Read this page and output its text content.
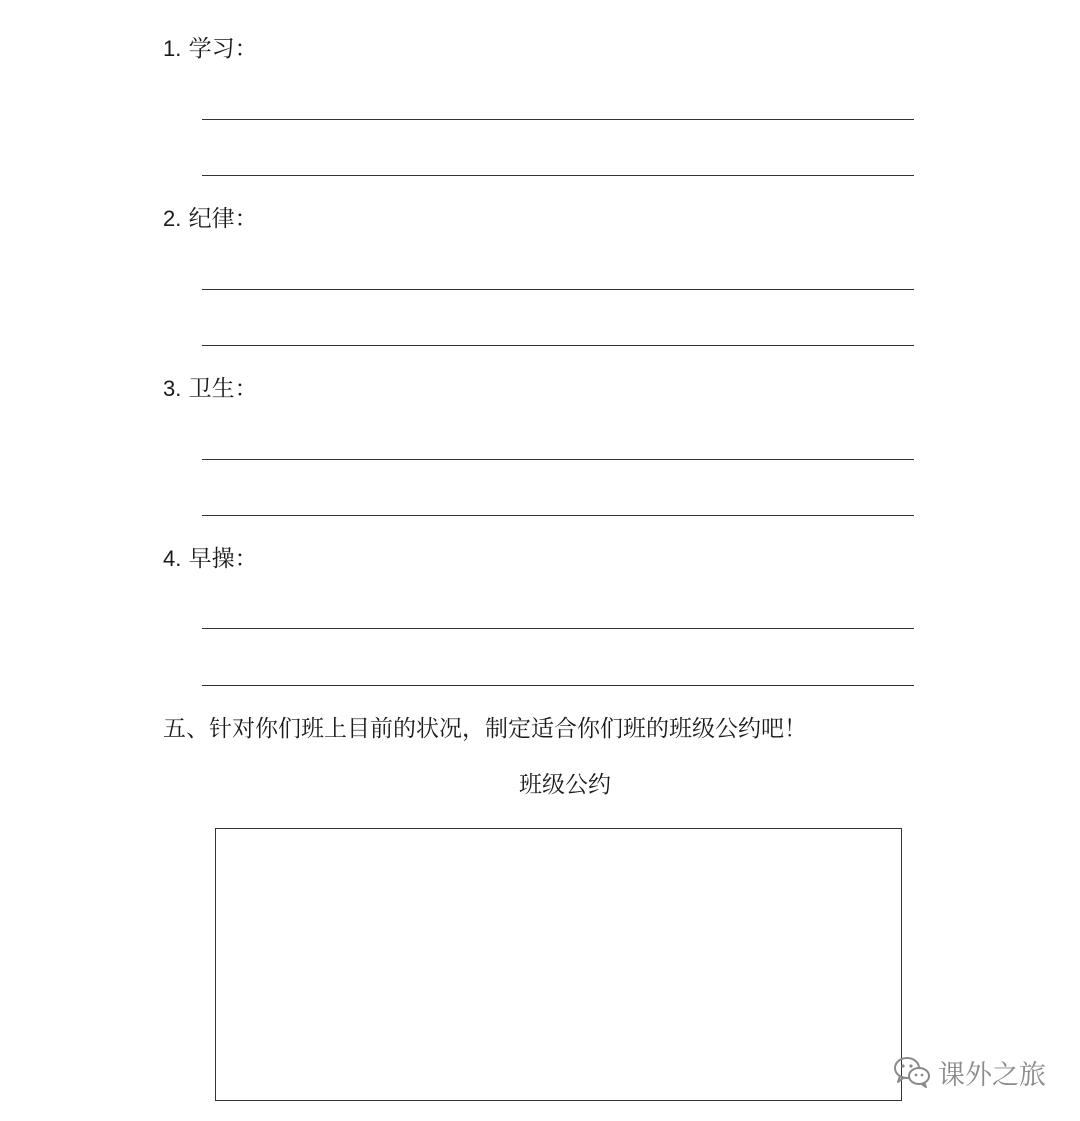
1. 学习：
2. 纪律：
3. 卫生：
4. 早操：
五、针对你们班上目前的状况，制定适合你们班的班级公约吧！
班级公约
课外之旅
